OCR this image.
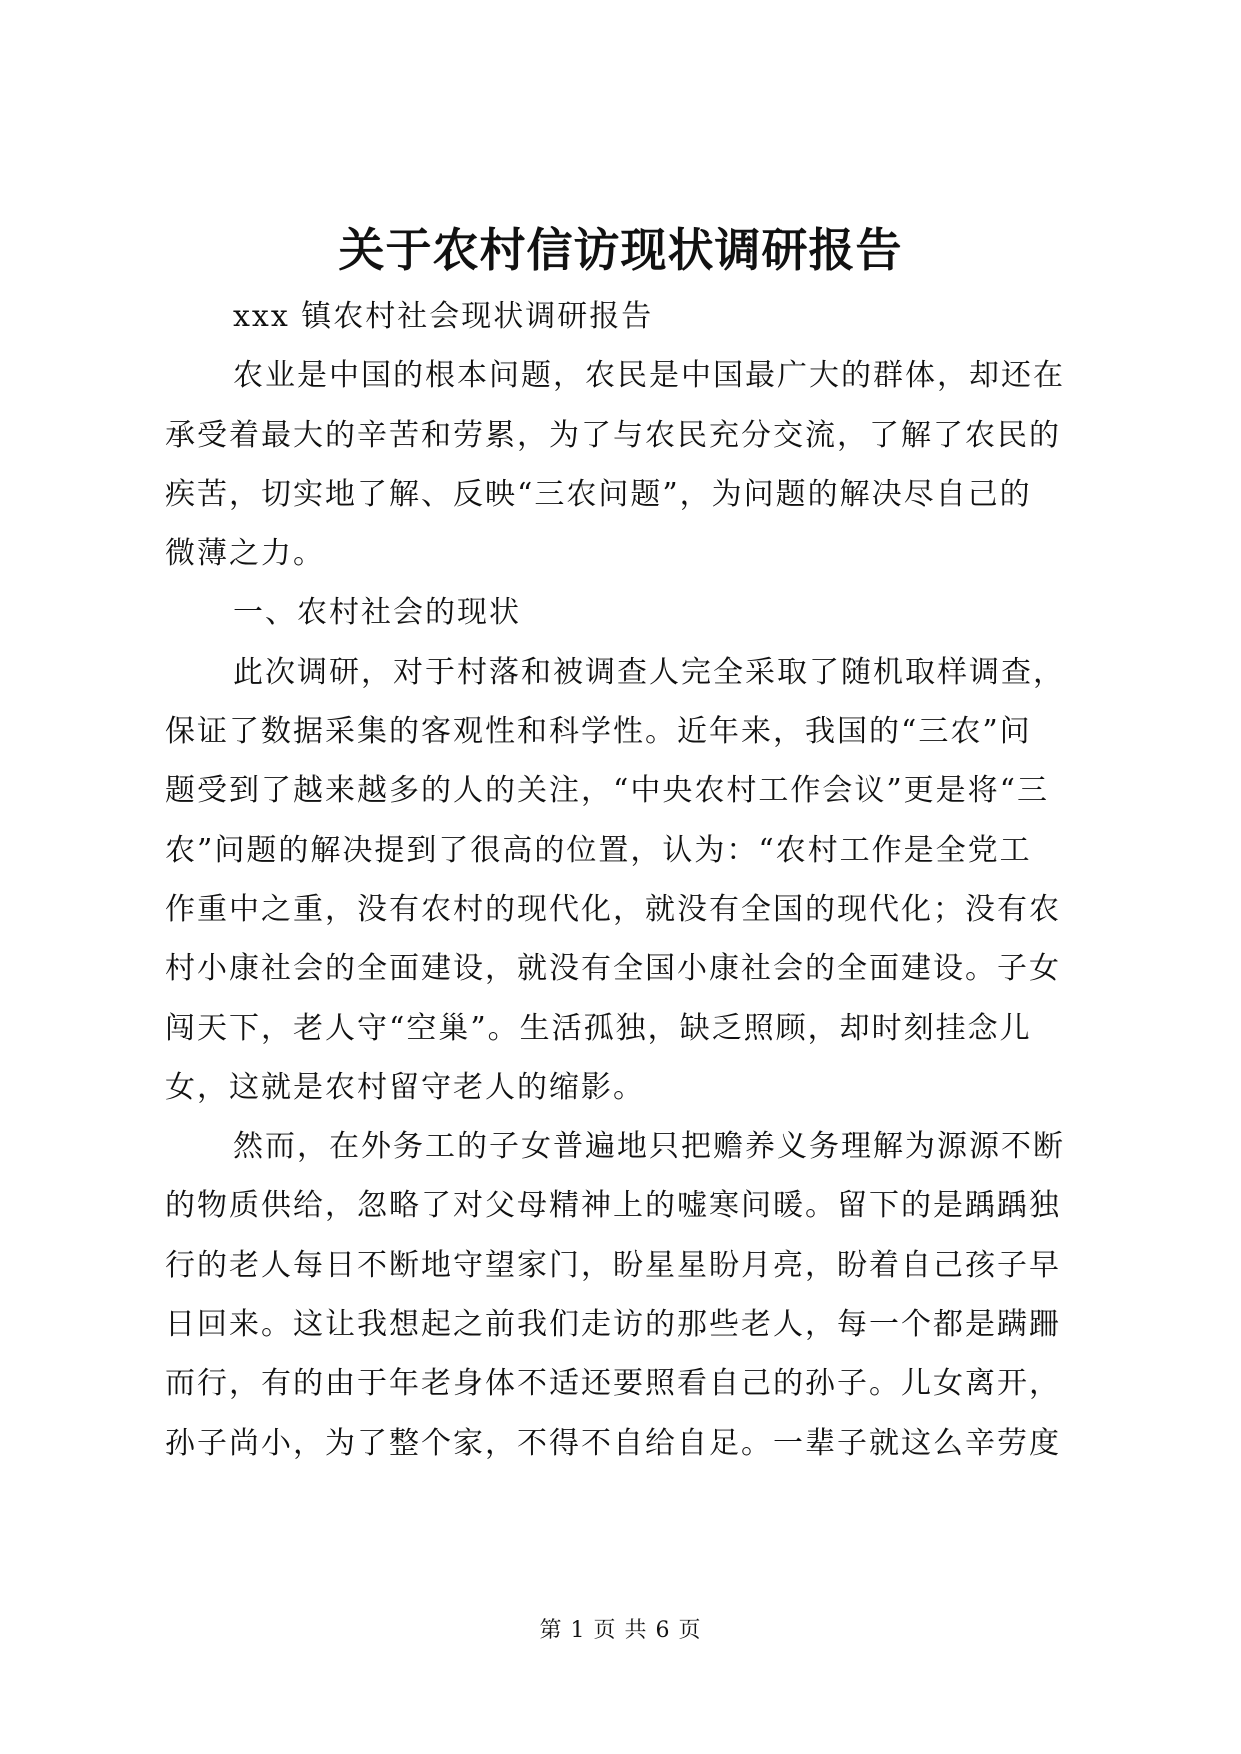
关于农村信访现状调研报告
xxx 镇农村社会现状调研报告
农业是中国的根本问题，农民是中国最广大的群体，却还在
承受着最大的辛苦和劳累，为了与农民充分交流，了解了农民的
疾苦，切实地了解、反映“三农问题”，为问题的解决尽自己的
微薄之力。
一、农村社会的现状
此次调研，对于村落和被调查人完全采取了随机取样调查，
保证了数据采集的客观性和科学性。近年来，我国的“三农”问
题受到了越来越多的人的关注，“中央农村工作会议”更是将“三
农”问题的解决提到了很高的位置，认为：“农村工作是全党工
作重中之重，没有农村的现代化，就没有全国的现代化；没有农
村小康社会的全面建设，就没有全国小康社会的全面建设。子女
闯天下，老人守“空巢”。生活孤独，缺乏照顾，却时刻挂念儿
女，这就是农村留守老人的缩影。
然而，在外务工的子女普遍地只把赡养义务理解为源源不断
的物质供给，忽略了对父母精神上的嘘寒问暖。留下的是踽踽独
行的老人每日不断地守望家门，盼星星盼月亮，盼着自己孩子早
日回来。这让我想起之前我们走访的那些老人，每一个都是蹒跚
而行，有的由于年老身体不适还要照看自己的孙子。儿女离开，
孙子尚小，为了整个家，不得不自给自足。一辈子就这么辛劳度
第 1 页 共 6 页
